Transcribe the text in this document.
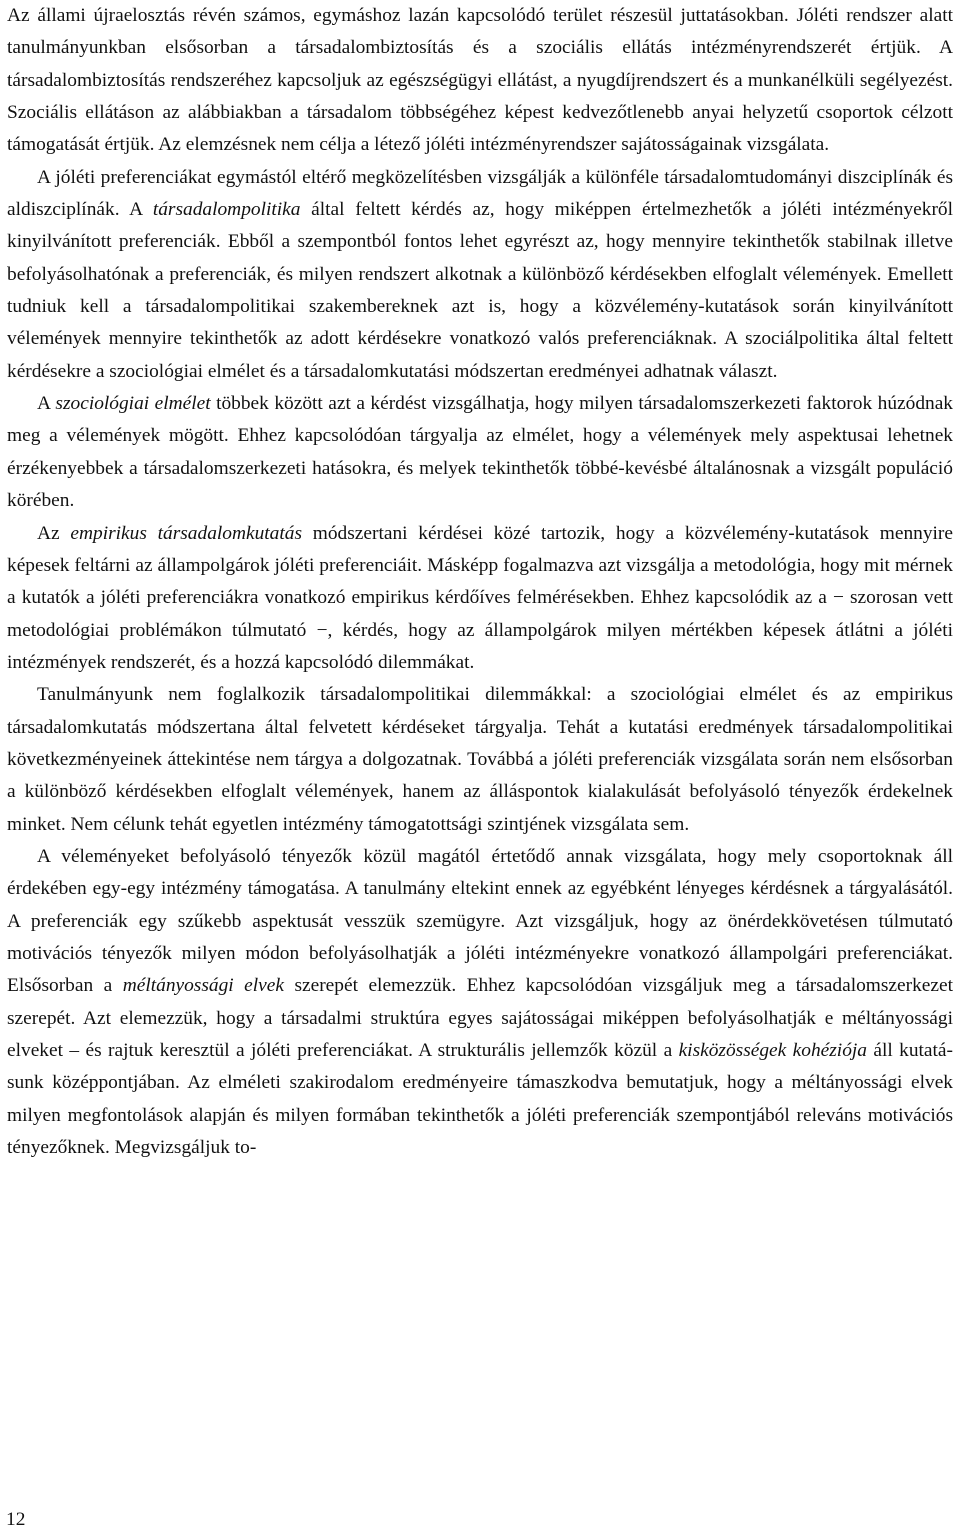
Az állami újraelosztás révén számos, egymáshoz lazán kapcsolódó terület részesül juttatásokban. Jóléti rendszer alatt tanulmányunkban elsősorban a társadalombiztosítás és a szociális ellátás intézményrendszerét értjük. A társadalombiztosítás rendszeréhez kapcsoljuk az egészségügyi ellátást, a nyugdíjrendszert és a munkanélküli segélyezést. Szociális ellátáson az alábbiakban a társadalom többségéhez képest kedvezőtlenebb anyai helyzetű csoportok célzott támogatását értjük. Az elemzésnek nem célja a létező jóléti intézményrendszer sajátosságainak vizsgálata.

A jóléti preferenciákat egymástól eltérő megközelítésben vizsgálják a különféle társadalomtudományi diszciplínák és aldiszciplínák. A társadalompolitika által feltett kérdés az, hogy miképpen értelmezhetők a jóléti intézményekről kinyilvánított preferenciák. Ebből a szempontból fontos lehet egyrészt az, hogy mennyire tekinthetők stabilnak illetve befolyásolhatónak a preferenciák, és milyen rendszert alkotnak a különböző kérdésekben elfoglalt vélemények. Emellett tudniuk kell a társadalompolitikai szakembereknek azt is, hogy a közvélemény-kutatások során kinyilvánított vélemények mennyire tekinthetők az adott kérdésekre vonatkozó valós preferenciáknak. A szociálpolitika által feltett kérdésekre a szociológiai elmélet és a társadalomkutatási módszertan eredményei adhatnak választ.

A szociológiai elmélet többek között azt a kérdést vizsgálhatja, hogy milyen társadalomszerkezeti faktorok húzódnak meg a vélemények mögött. Ehhez kapcsolódóan tárgyalja az elmélet, hogy a vélemények mely aspektusai lehetnek érzékenyebbek a társadalomszerkezeti hatásokra, és melyek tekinthetők többé-kevésbé általánosnak a vizsgált populáció körében.

Az empirikus társadalomkutatás módszertani kérdései közé tartozik, hogy a közvélemény-kutatások mennyire képesek feltárni az állampolgárok jóléti preferenciáit. Másképp fogalmazva azt vizsgálja a metodológia, hogy mit mérnek a kutatók a jóléti preferenciákra vonatkozó empirikus kérdőíves felmérésekben. Ehhez kapcsolódik az a − szorosan vett metodológiai problémákon túlmutató −, kérdés, hogy az állampolgárok milyen mértékben képesek átlátni a jóléti intézmények rendszerét, és a hozzá kapcsolódó dilemmákat.

Tanulmányunk nem foglalkozik társadalompolitikai dilemmákkal: a szociológiai elmélet és az empirikus társadalomkutatás módszertana által felvetett kérdéseket tárgyalja. Tehát a kutatási eredmények társadalompolitikai következményeinek áttekintése nem tárgya a dolgozatnak. Továbbá a jóléti preferenciák vizsgálata során nem elsősorban a különböző kérdésekben elfoglalt vélemények, hanem az álláspontok kialakulását befolyásoló tényezők érdekelnek minket. Nem célunk tehát egyetlen intézmény támogatottsági szintjének vizsgálata sem.

A véleményeket befolyásoló tényezők közül magától értetődő annak vizsgálata, hogy mely csoportoknak áll érdekében egy-egy intézmény támogatása. A tanulmány eltekint ennek az egyébként lényeges kérdésnek a tárgyalásától. A preferenciák egy szűkebb aspektusát vesszük szemügyre. Azt vizsgáljuk, hogy az önérdekkövetésen túlmutató motivációs tényezők milyen módon befolyásolhatják a jóléti intézményekre vonatkozó állampolgári preferenciákat. Elsősorban a méltányossági elvek szerepét elemezzük. Ehhez kapcsolódóan vizsgáljuk meg a társadalomszerkezet szerepét. Azt elemezzük, hogy a társadalmi struktúra egyes sajátosságai miképpen befolyásolhatják e méltányossági elveket – és rajtuk keresztül a jóléti preferenciákat. A strukturális jellemzők közül a kisközösségek kohéziója áll kutatásunk középpontjában. Az elméleti szakirodalom eredményeire támaszkodva bemutatjuk, hogy a méltányossági elvek milyen megfontolások alapján és milyen formában tekinthetők a jóléti preferenciák szempontjából releváns motivációs tényezőknek. Megvizsgáljuk to-

12
